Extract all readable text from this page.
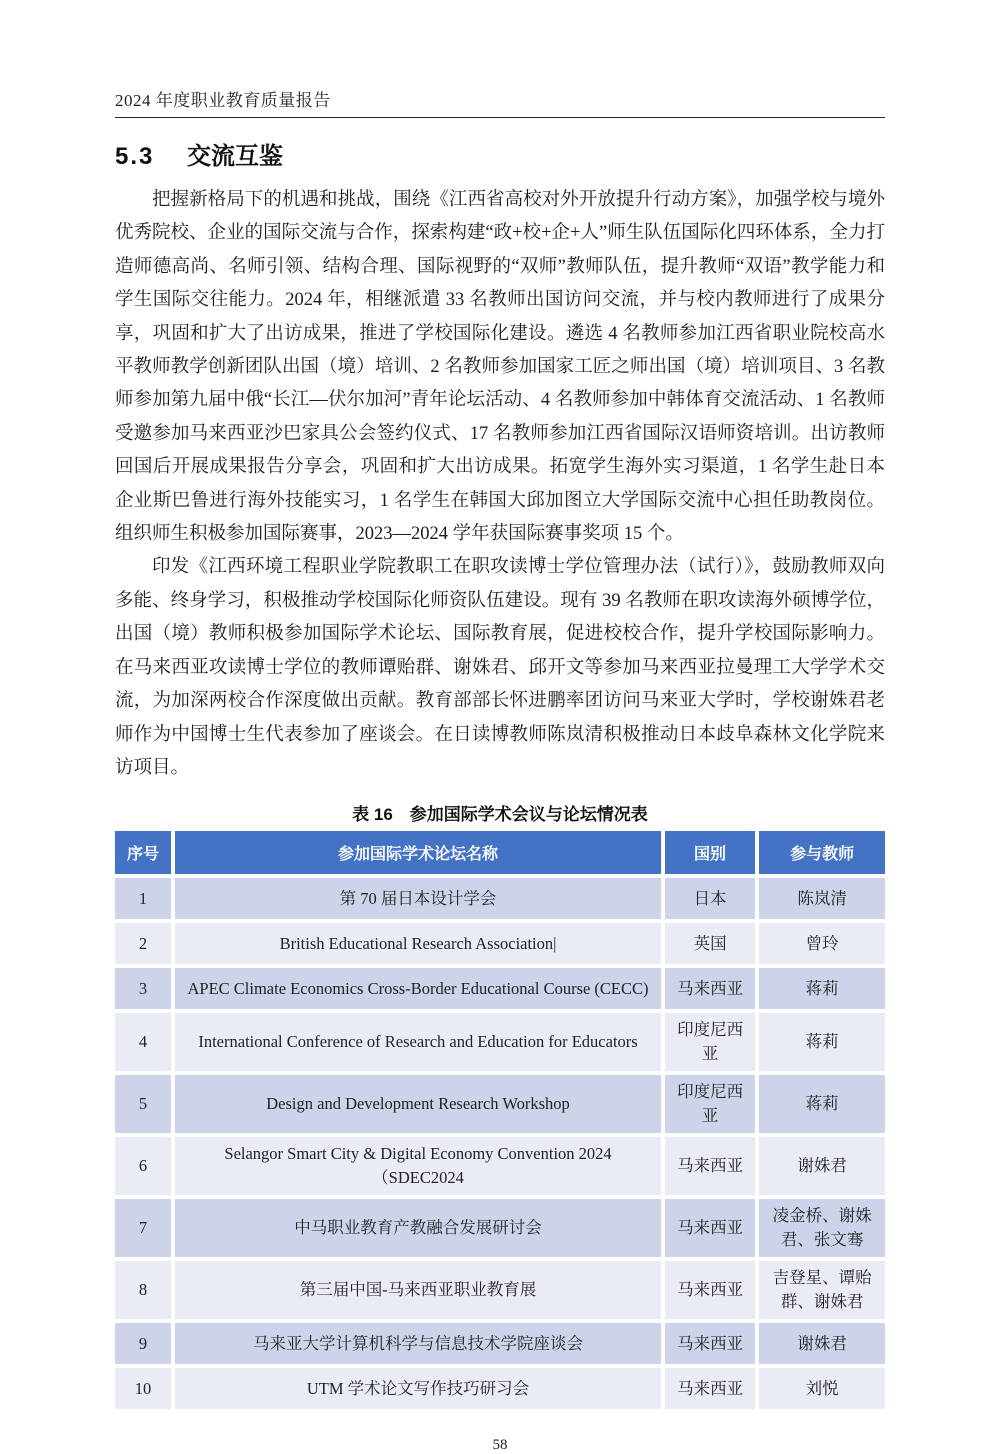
2024 年度职业教育质量报告
5.3 交流互鉴

把握新格局下的机遇和挑战，围绕《江西省高校对外开放提升行动方案》，加强学校与境外优秀院校、企业的国际交流与合作，探索构建“政+校+企+人”师生队伍国际化四环体系，全力打造师德高尚、名师引领、结构合理、国际视野的“双师”教师队伍，提升教师“双语”教学能力和学生国际交往能力。2024 年，相继派遣 33 名教师出国访问交流，并与校内教师进行了成果分享，巩固和扩大了出访成果，推进了学校国际化建设。遴选 4 名教师参加江西省职业院校高水平教师教学创新团队出国（境）培训、2 名教师参加国家工匠之师出国（境）培训项目、3 名教师参加第九届中俄“长江—伏尔加河”青年论坛活动、4 名教师参加中韩体育交流活动、1 名教师受邀参加马来西亚沙巴家具公会签约仪式、17 名教师参加江西省国际汉语师资培训。出访教师回国后开展成果报告分享会，巩固和扩大出访成果。拓宽学生海外实习渠道，1 名学生赴日本企业斯巴鲁进行海外技能实习，1 名学生在韩国大邱加图立大学国际交流中心担任助教岗位。组织师生积极参加国际赛事，2023—2024 学年获国际赛事奖项 15 个。

印发《江西环境工程职业学院教职工在职攻读博士学位管理办法（试行）》，鼓励教师双向多能、终身学习，积极推动学校国际化师资队伍建设。现有 39 名教师在职攻读海外硕博学位，出国（境）教师积极参加国际学术论坛、国际教育展，促进校校合作，提升学校国际影响力。在马来西亚攻读博士学位的教师谭贻群、谢姝君、邱开文等参加马来西亚拉曼理工大学学术交流，为加深两校合作深度做出贡献。教育部部长怀进鹏率团访问马来亚大学时，学校谢姝君老师作为中国博士生代表参加了座谈会。在日读博教师陈岚清积极推动日本歧阜森林文化学院来访项目。

表 16　参加国际学术会议与论坛情况表
序号	参加国际学术论坛名称	国别	参与教师
1	第 70 届日本设计学会	日本	陈岚清
2	British Educational Research Association|	英国	曾玲
3	APEC Climate Economics Cross-Border Educational Course (CECC)	马来西亚	蒋莉
4	International Conference of Research and Education for Educators	印度尼西亚	蒋莉
5	Design and Development Research Workshop	印度尼西亚	蒋莉
6	Selangor Smart City & Digital Economy Convention 2024　（SDEC2024	马来西亚	谢姝君
7	中马职业教育产教融合发展研讨会	马来西亚	凌金桥、谢姝君、张文骞
8	第三届中国-马来西亚职业教育展	马来西亚	吉登星、谭贻群、谢姝君
9	马来亚大学计算机科学与信息技术学院座谈会	马来西亚	谢姝君
10	UTM 学术论文写作技巧研习会	马来西亚	刘悦
58
